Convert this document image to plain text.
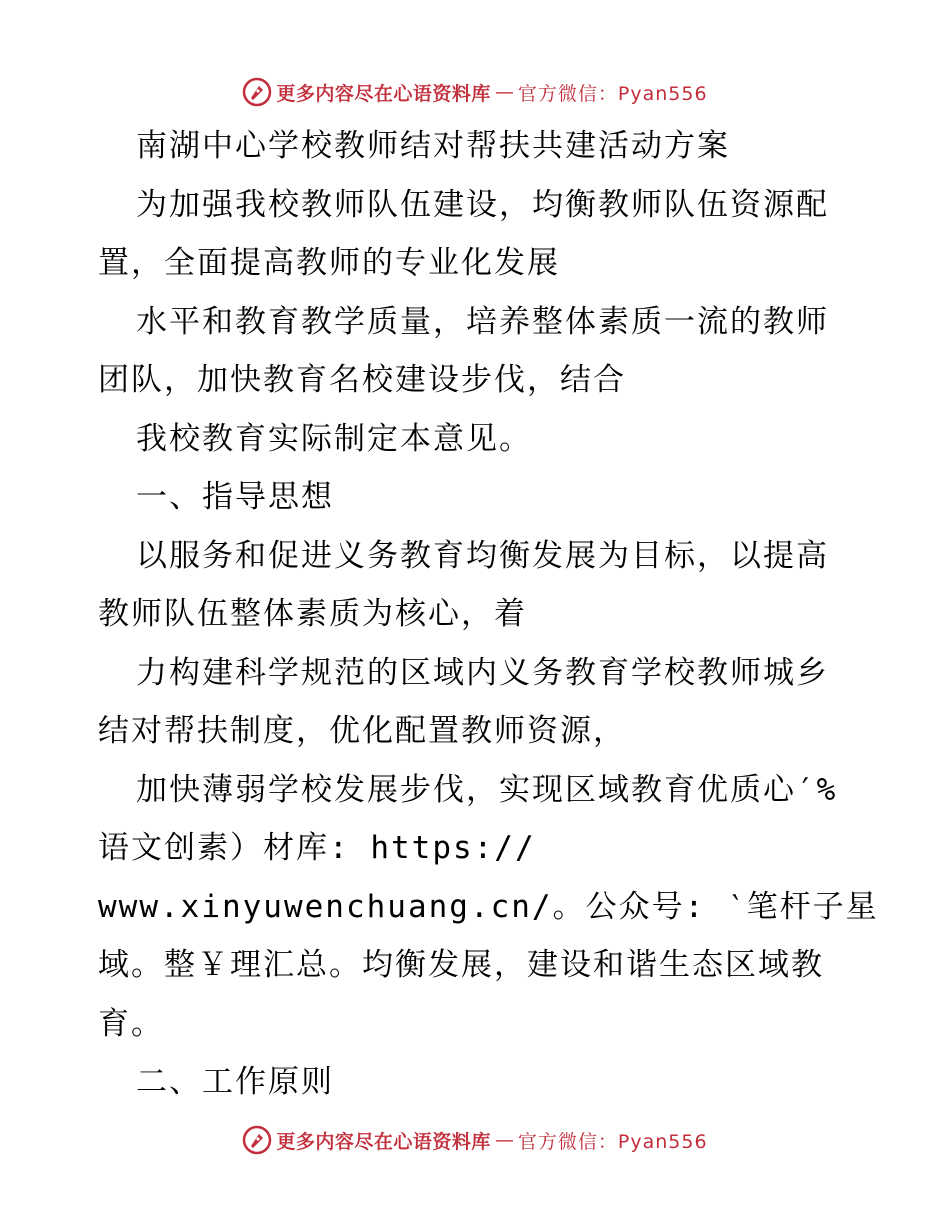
更多内容尽在心语资料库 — 官方微信：Pyan556

南湖中心学校教师结对帮扶共建活动方案

为加强我校教师队伍建设，均衡教师队伍资源配

置，全面提高教师的专业化发展

水平和教育教学质量，培养整体素质一流的教师

团队，加快教育名校建设步伐，结合

我校教育实际制定本意见。

一、指导思想

以服务和促进义务教育均衡发展为目标，以提高

教师队伍整体素质为核心，着

力构建科学规范的区域内义务教育学校教师城乡

结对帮扶制度，优化配置教师资源，

加快薄弱学校发展步伐，实现区域教育优质心′%

语文创素）材库: https://

www.xinyuwenchuang.cn/。公众号: ‵笔杆子星

域。整￥理汇总。均衡发展，建设和谐生态区域教

育。

二、工作原则

更多内容尽在心语资料库 — 官方微信：Pyan556
